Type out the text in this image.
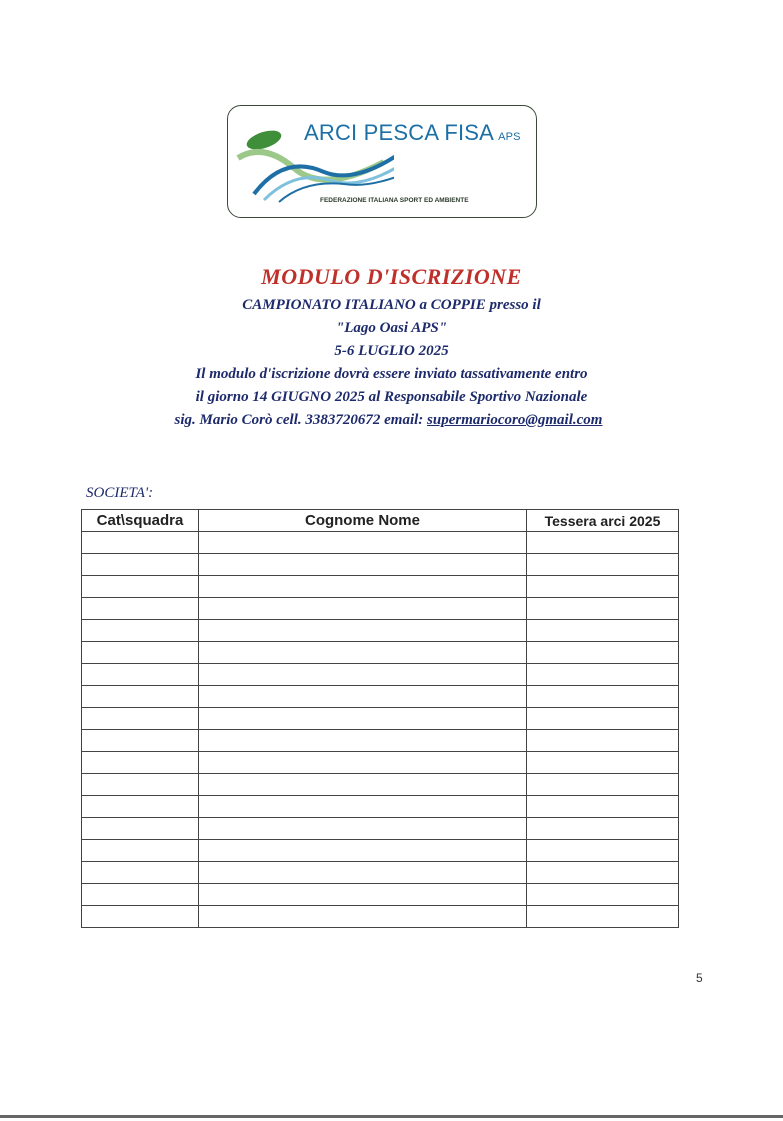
ARCI PESCA FISA APS
FEDERAZIONE ITALIANA SPORT ED AMBIENTE
MODULO D'ISCRIZIONE
CAMPIONATO ITALIANO a COPPIE presso il
"Lago Oasi APS"
5-6 LUGLIO 2025
Il modulo d'iscrizione dovrà essere inviato tassativamente entro
il giorno 14 GIUGNO 2025 al Responsabile Sportivo Nazionale
sig. Mario Corò cell. 3383720672 email: supermariocoro@gmail.com
SOCIETA':
Cat\squadra	Cognome Nome	Tessera arci 2025

5
